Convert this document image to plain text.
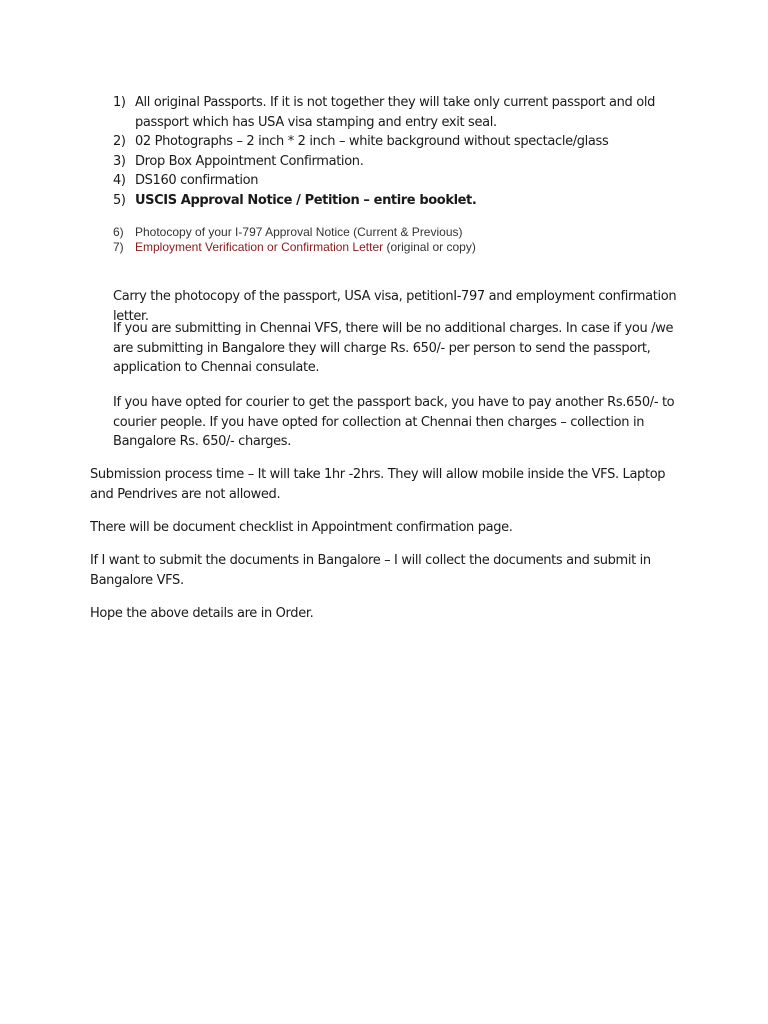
1) All original Passports. If it is not together they will take only current passport and old passport which has USA visa stamping and entry exit seal.
2) 02 Photographs – 2 inch * 2 inch – white background without spectacle/glass
3) Drop Box Appointment Confirmation.
4) DS160 confirmation
5) USCIS Approval Notice / Petition – entire booklet.
6) Photocopy of your I-797 Approval Notice (Current & Previous)
7) Employment Verification or Confirmation Letter (original or copy)

Carry the photocopy of the passport, USA visa, petitionI-797 and employment confirmation letter.

If you are submitting in Chennai VFS, there will be no additional charges. In case if you /we are submitting in Bangalore they will charge Rs. 650/- per person to send the passport, application to Chennai consulate.

If you have opted for courier to get the passport back, you have to pay another Rs.650/- to courier people. If you have opted for collection at Chennai then charges – collection in Bangalore Rs. 650/- charges.

Submission process time – It will take 1hr -2hrs. They will allow mobile inside the VFS. Laptop and Pendrives are not allowed.

There will be document checklist in Appointment confirmation page.

If I want to submit the documents in Bangalore – I will collect the documents and submit in Bangalore VFS.

Hope the above details are in Order.
